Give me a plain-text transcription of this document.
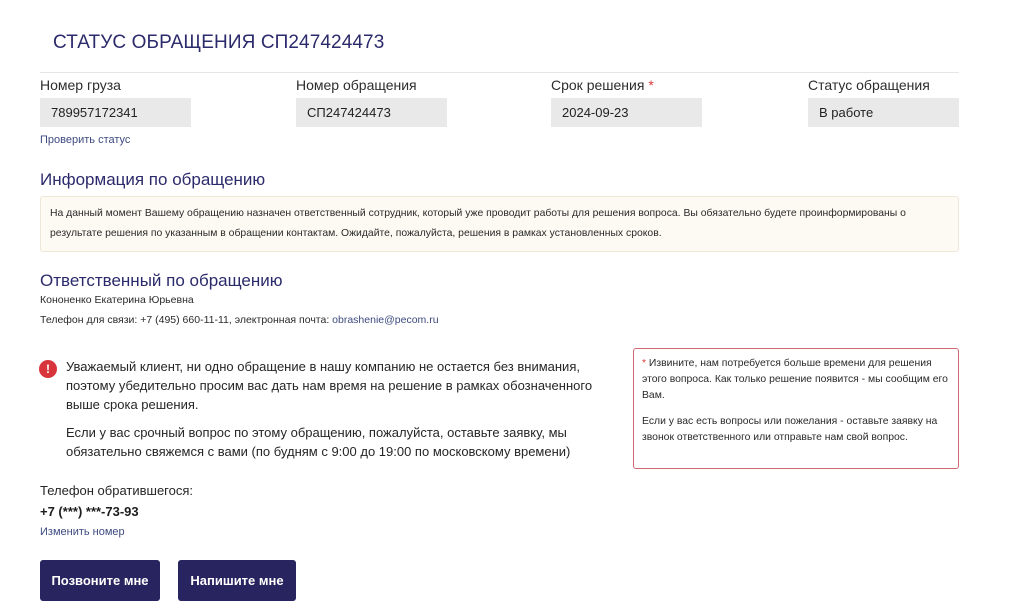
СТАТУС ОБРАЩЕНИЯ СП247424473
Номер груза
789957172341
Номер обращения
СП247424473
Срок решения *
2024-09-23
Статус обращения
В работе
Проверить статус
Информация по обращению
На данный момент Вашему обращению назначен ответственный сотрудник, который уже проводит работы для решения вопроса. Вы обязательно будете проинформированы о результате решения по указанным в обращении контактам. Ожидайте, пожалуйста, решения в рамках установленных сроков.
Ответственный по обращению
Кононенко Екатерина Юрьевна
Телефон для связи: +7 (495) 660-11-11, электронная почта: obrashenie@pecom.ru
!	Уважаемый клиент, ни одно обращение в нашу компанию не остается без внимания, поэтому убедительно просим вас дать нам время на решение в рамках обозначенного выше срока решения.

Если у вас срочный вопрос по этому обращению, пожалуйста, оставьте заявку, мы обязательно свяжемся с вами (по будням с 9:00 до 19:00 по московскому времени)

* Извините, нам потребуется больше времени для решения этого вопроса. Как только решение появится - мы сообщим его Вам.

Если у вас есть вопросы или пожелания - оставьте заявку на звонок ответственного или отправьте нам свой вопрос.

Телефон обратившегося:
+7 (***) ***-73-93
Изменить номер
Позвоните мне	Напишите мне
